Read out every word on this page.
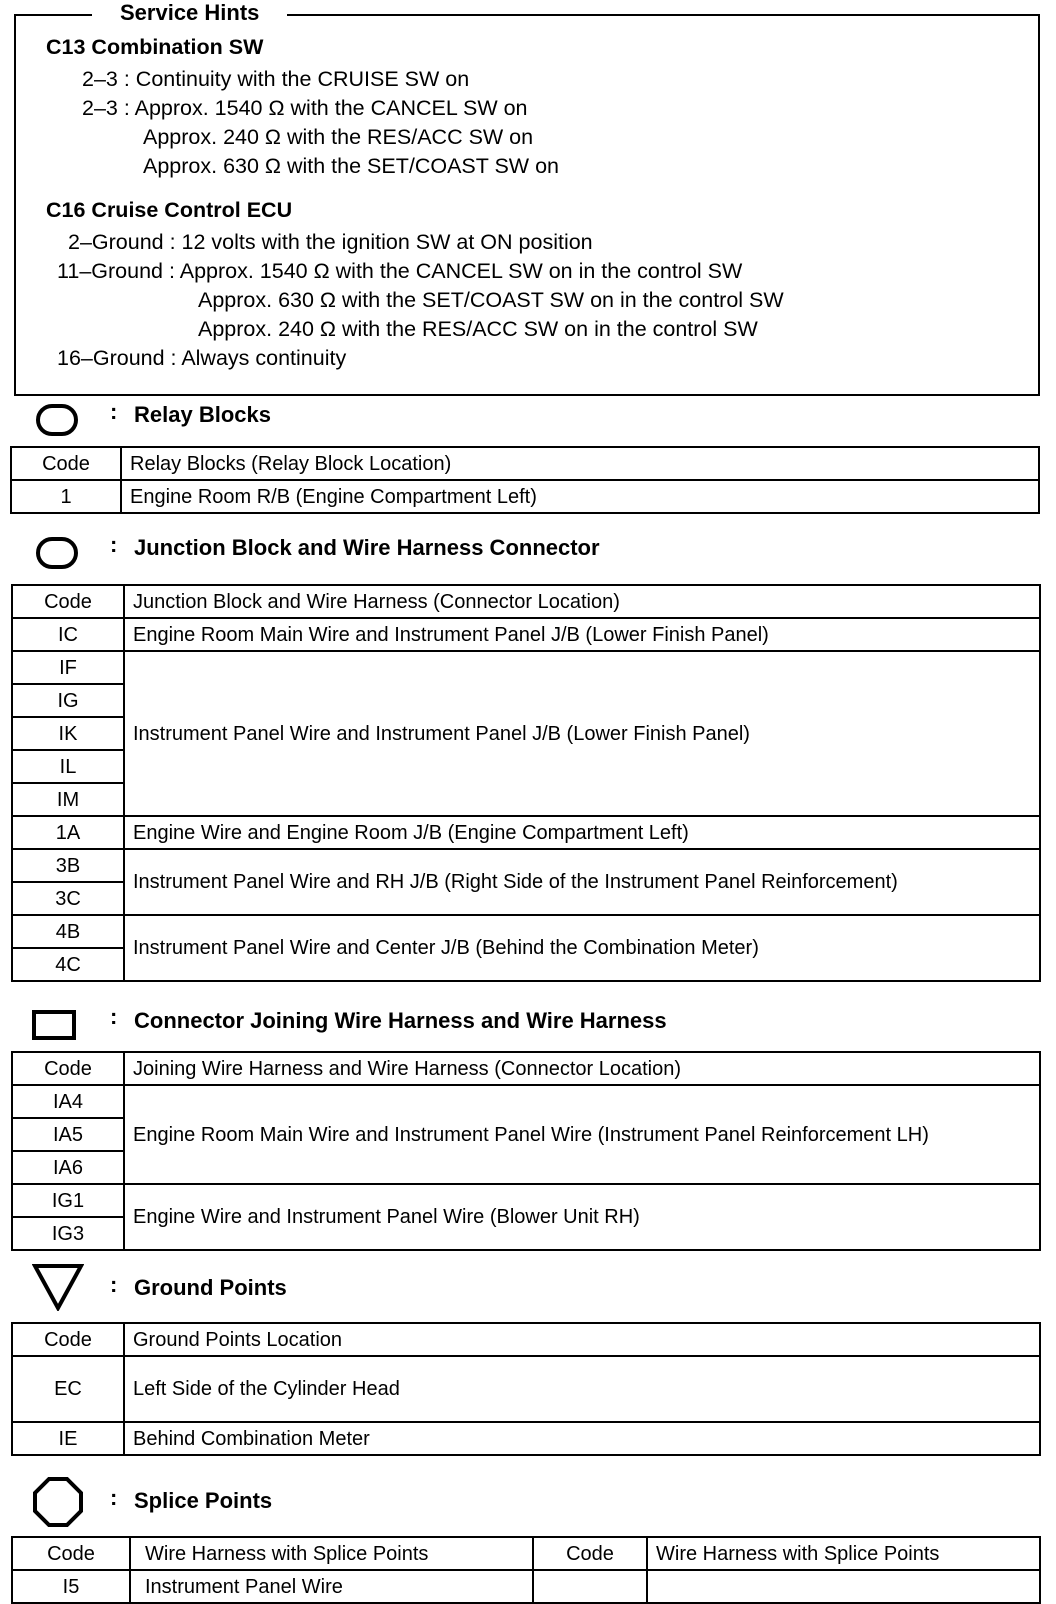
Service Hints
C13 Combination SW
2–3 : Continuity with the CRUISE SW on
2–3 : Approx. 1540 Ω with the CANCEL SW on
Approx. 240 Ω with the RES/ACC SW on
Approx. 630 Ω with the SET/COAST SW on
C16 Cruise Control ECU
2–Ground : 12 volts with the ignition SW at ON position
11–Ground : Approx. 1540 Ω with the CANCEL SW on in the control SW
Approx. 630 Ω with the SET/COAST SW on in the control SW
Approx. 240 Ω with the RES/ACC SW on in the control SW
16–Ground : Always continuity
: Relay Blocks
Code	Relay Blocks (Relay Block Location)
1	Engine Room R/B (Engine Compartment Left)
: Junction Block and Wire Harness Connector
Code	Junction Block and Wire Harness (Connector Location)
IC	Engine Room Main Wire and Instrument Panel J/B (Lower Finish Panel)
IF	Instrument Panel Wire and Instrument Panel J/B (Lower Finish Panel)
IG	
IK	
IL	
IM	
1A	Engine Wire and Engine Room J/B (Engine Compartment Left)
3B	Instrument Panel Wire and RH J/B (Right Side of the Instrument Panel Reinforcement)
3C	
4B	Instrument Panel Wire and Center J/B (Behind the Combination Meter)
4C	
: Connector Joining Wire Harness and Wire Harness
Code	Joining Wire Harness and Wire Harness (Connector Location)
IA4	Engine Room Main Wire and Instrument Panel Wire (Instrument Panel Reinforcement LH)
IA5	
IA6	
IG1	Engine Wire and Instrument Panel Wire (Blower Unit RH)
IG3	
: Ground Points
Code	Ground Points Location
EC	Left Side of the Cylinder Head
IE	Behind Combination Meter
: Splice Points
Code	Wire Harness with Splice Points	Code	Wire Harness with Splice Points
I5	Instrument Panel Wire		
